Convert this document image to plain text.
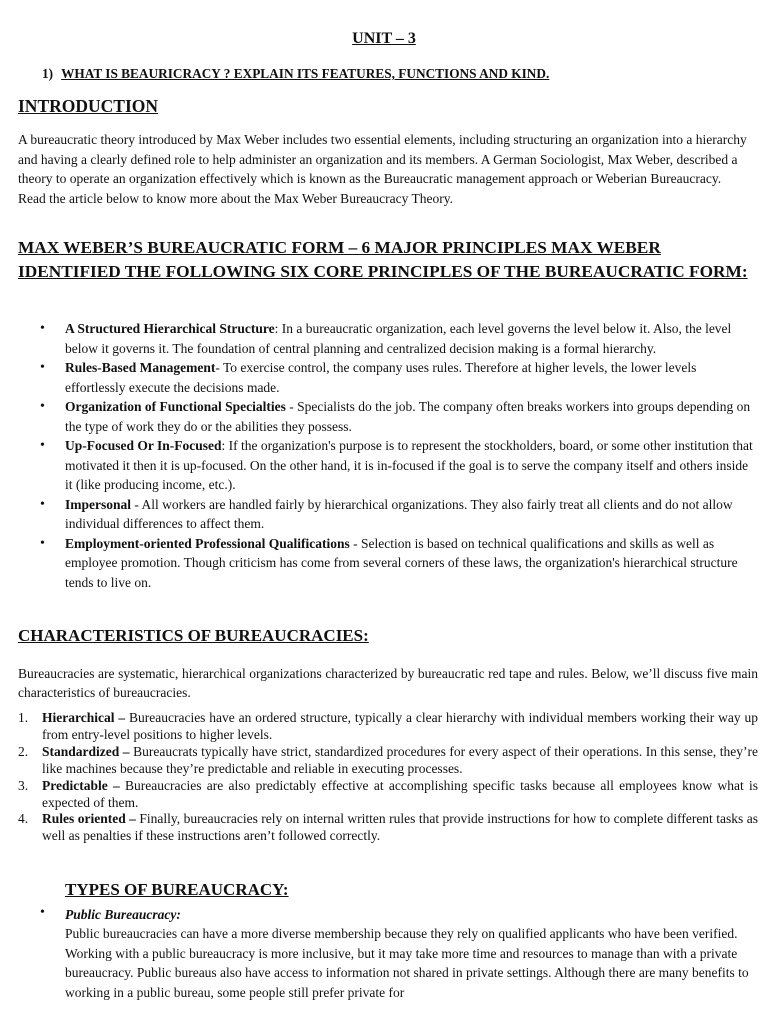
UNIT – 3
1) WHAT IS BEAURICRACY ? EXPLAIN ITS FEATURES, FUNCTIONS AND KIND.
INTRODUCTION
A bureaucratic theory introduced by Max Weber includes two essential elements, including structuring an organization into a hierarchy and having a clearly defined role to help administer an organization and its members. A German Sociologist, Max Weber, described a theory to operate an organization effectively which is known as the Bureaucratic management approach or Weberian Bureaucracy. Read the article below to know more about the Max Weber Bureaucracy Theory.
MAX WEBER’S BUREAUCRATIC FORM – 6 MAJOR PRINCIPLES MAX WEBER IDENTIFIED THE FOLLOWING SIX CORE PRINCIPLES OF THE BUREAUCRATIC FORM:
• A Structured Hierarchical Structure: In a bureaucratic organization, each level governs the level below it. Also, the level below it governs it. The foundation of central planning and centralized decision making is a formal hierarchy.
• Rules-Based Management- To exercise control, the company uses rules. Therefore at higher levels, the lower levels effortlessly execute the decisions made.
• Organization of Functional Specialties - Specialists do the job. The company often breaks workers into groups depending on the type of work they do or the abilities they possess.
• Up-Focused Or In-Focused: If the organization's purpose is to represent the stockholders, board, or some other institution that motivated it then it is up-focused. On the other hand, it is in-focused if the goal is to serve the company itself and others inside it (like producing income, etc.).
• Impersonal - All workers are handled fairly by hierarchical organizations. They also fairly treat all clients and do not allow individual differences to affect them.
• Employment-oriented Professional Qualifications - Selection is based on technical qualifications and skills as well as employee promotion. Though criticism has come from several corners of these laws, the organization's hierarchical structure tends to live on.
CHARACTERISTICS OF BUREAUCRACIES:
Bureaucracies are systematic, hierarchical organizations characterized by bureaucratic red tape and rules. Below, we’ll discuss five main characteristics of bureaucracies.
1. Hierarchical – Bureaucracies have an ordered structure, typically a clear hierarchy with individual members working their way up from entry-level positions to higher levels.
2. Standardized – Bureaucrats typically have strict, standardized procedures for every aspect of their operations. In this sense, they’re like machines because they’re predictable and reliable in executing processes.
3. Predictable – Bureaucracies are also predictably effective at accomplishing specific tasks because all employees know what is expected of them.
4. Rules oriented – Finally, bureaucracies rely on internal written rules that provide instructions for how to complete different tasks as well as penalties if these instructions aren’t followed correctly.
TYPES OF BUREAUCRACY:
• Public Bureaucracy:
Public bureaucracies can have a more diverse membership because they rely on qualified applicants who have been verified. Working with a public bureaucracy is more inclusive, but it may take more time and resources to manage than with a private bureaucracy. Public bureaus also have access to information not shared in private settings. Although there are many benefits to working in a public bureau, some people still prefer private for
